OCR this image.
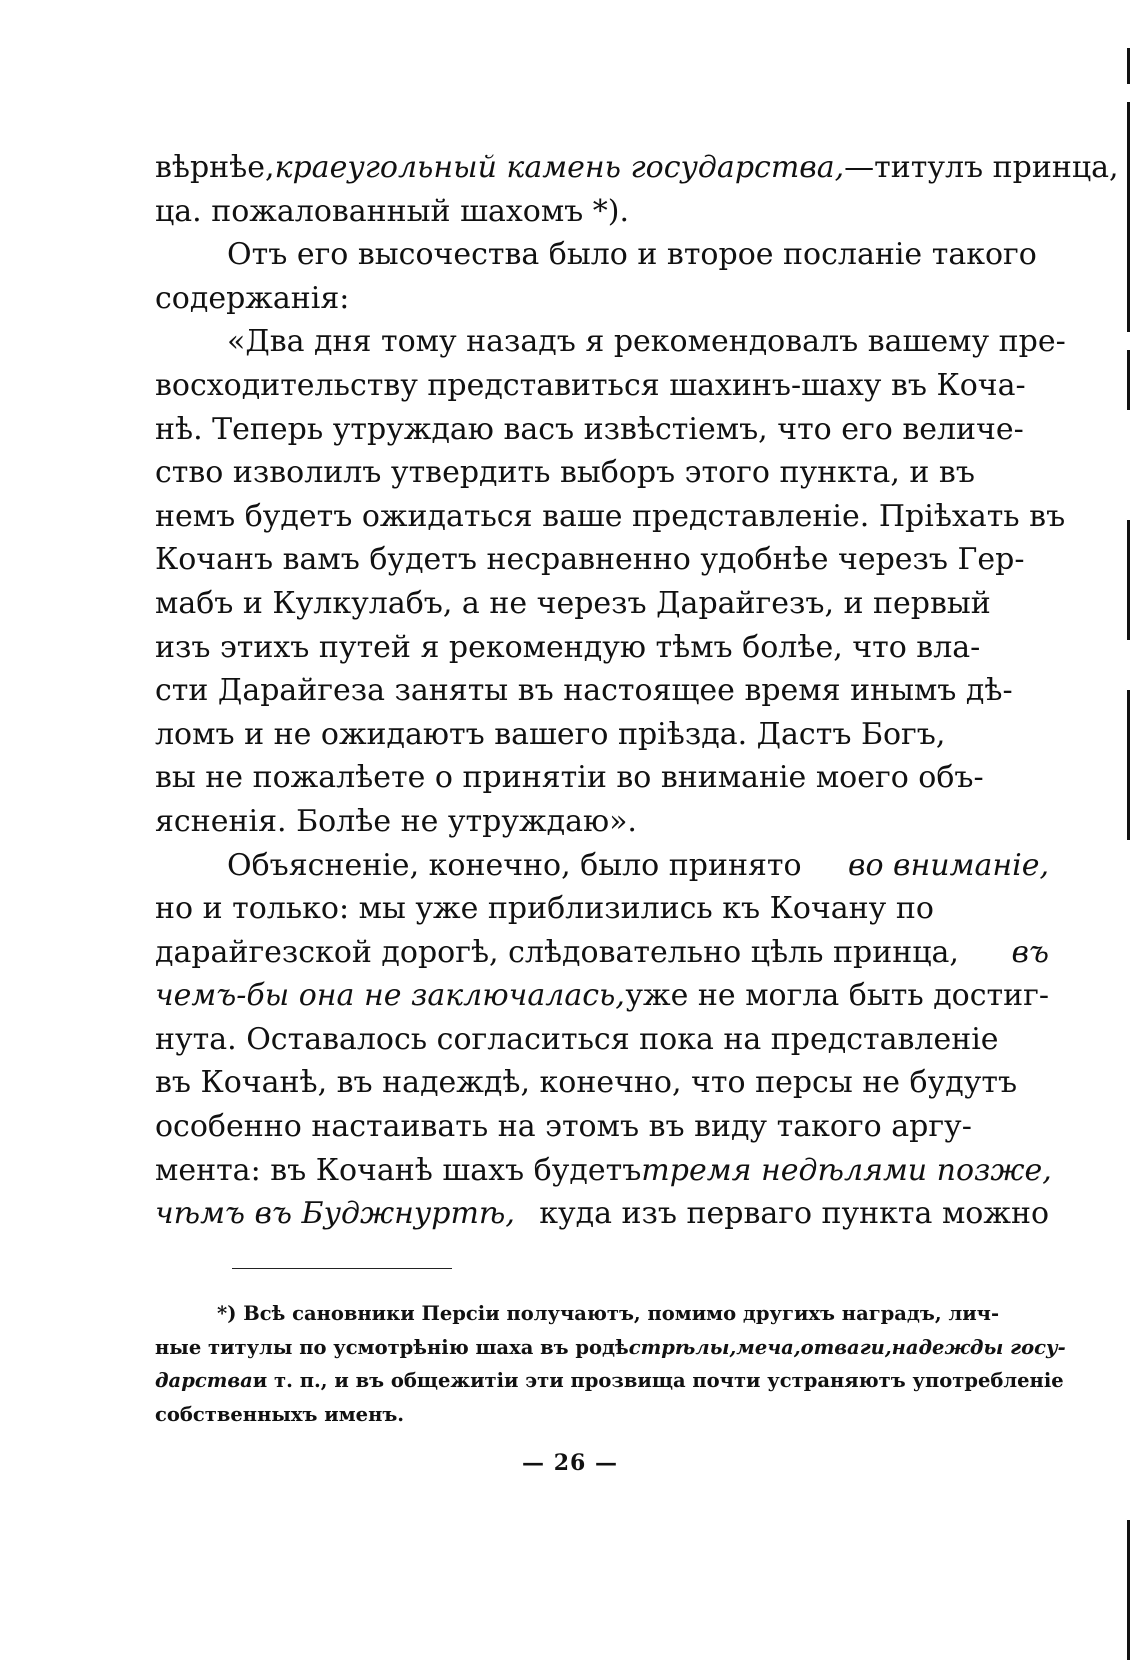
вѣрнѣе, краеугольный камень государства, —титулъ принца,
ца. пожалованный шахомъ *).
Отъ его высочества было и второе посланіе такого
содержанія:
«Два дня тому назадъ я рекомендовалъ вашему пре-
восходительству представиться шахинъ-шаху въ Коча-
нѣ. Теперь утруждаю васъ извѣстіемъ, что его величе-
ство изволилъ утвердить выборъ этого пункта, и въ
немъ будетъ ожидаться ваше представленіе. Пріѣхать въ
Кочанъ вамъ будетъ несравненно удобнѣе черезъ Гер-
мабъ и Кулкулабъ, а не черезъ Дарайгезъ, и первый
изъ этихъ путей я рекомендую тѣмъ болѣе, что вла-
сти Дарайгеза заняты въ настоящее время инымъ дѣ-
ломъ и не ожидаютъ вашего пріѣзда. Дастъ Богъ,
вы не пожалѣете о принятіи во вниманіе моего объ-
ясненія. Болѣе не утруждаю».
Объясненіе, конечно, было принято во вниманіе,
но и только: мы уже приблизились къ Кочану по
дарайгезской дорогѣ, слѣдовательно цѣль принца, въ
чемъ-бы она не заключалась, уже не могла быть достиг-
нута. Оставалось согласиться пока на представленіе
въ Кочанѣ, въ надеждѣ, конечно, что персы не будутъ
особенно настаивать на этомъ въ виду такого аргу-
мента: въ Кочанѣ шахъ будетъ тремя недѣлями позже,
чѣмъ въ Буджнуртѣ, куда изъ перваго пункта можно
*) Всѣ сановники Персіи получаютъ, помимо другихъ наградъ, лич-
ные титулы по усмотрѣнію шаха въ родѣ стрѣлы, меча, отваги, надежды госу-
дарства и т. п., и въ общежитіи эти прозвища почти устраняютъ употребленіе
собственныхъ именъ.
— 26 —
